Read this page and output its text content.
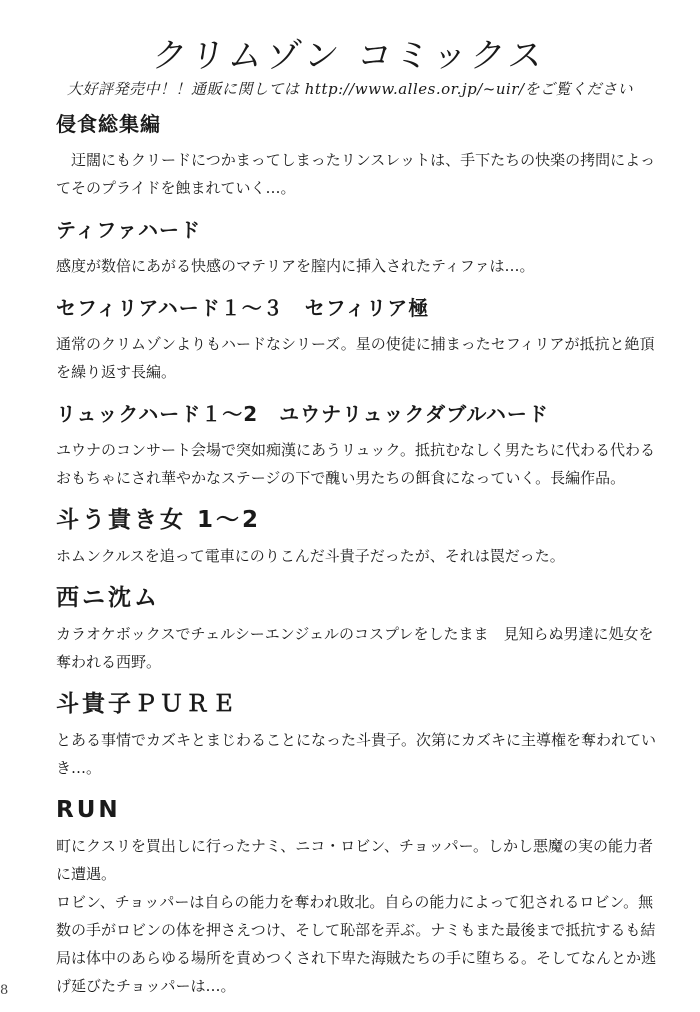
クリムゾン コミックス
大好評発売中！！通販に関しては http://www.alles.or.jp/~uir/をご覧ください
侵食総集編

　迂闊にもクリードにつかまってしまったリンスレットは、手下たちの快楽の拷問によってそのプライドを蝕まれていく…。

ティファハード

感度が数倍にあがる快感のマテリアを膣内に挿入されたティファは…。

セフィリアハード１～３　セフィリア極

通常のクリムゾンよりもハードなシリーズ。星の使徒に捕まったセフィリアが抵抗と絶頂を繰り返す長編。

リュックハード１～2　ユウナリュックダブルハード

ユウナのコンサート会場で突如痴漢にあうリュック。抵抗むなしく男たちに代わる代わるおもちゃにされ華やかなステージの下で醜い男たちの餌食になっていく。長編作品。

斗う貴き女 1～2

ホムンクルスを追って電車にのりこんだ斗貴子だったが、それは罠だった。

西ニ沈ム

カラオケボックスでチェルシーエンジェルのコスプレをしたまま　見知らぬ男達に処女を奪われる西野。

斗貴子ＰＵＲＥ

とある事情でカズキとまじわることになった斗貴子。次第にカズキに主導権を奪われていき…。

RUN

町にクスリを買出しに行ったナミ、ニコ・ロビン、チョッパー。しかし悪魔の実の能力者に遭遇。
ロビン、チョッパーは自らの能力を奪われ敗北。自らの能力によって犯されるロビン。無数の手がロビンの体を押さえつけ、そして恥部を弄ぶ。ナミもまた最後まで抵抗するも結局は体中のあらゆる場所を責めつくされ下卑た海賊たちの手に堕ちる。そしてなんとか逃げ延びたチョッパーは…。

8
